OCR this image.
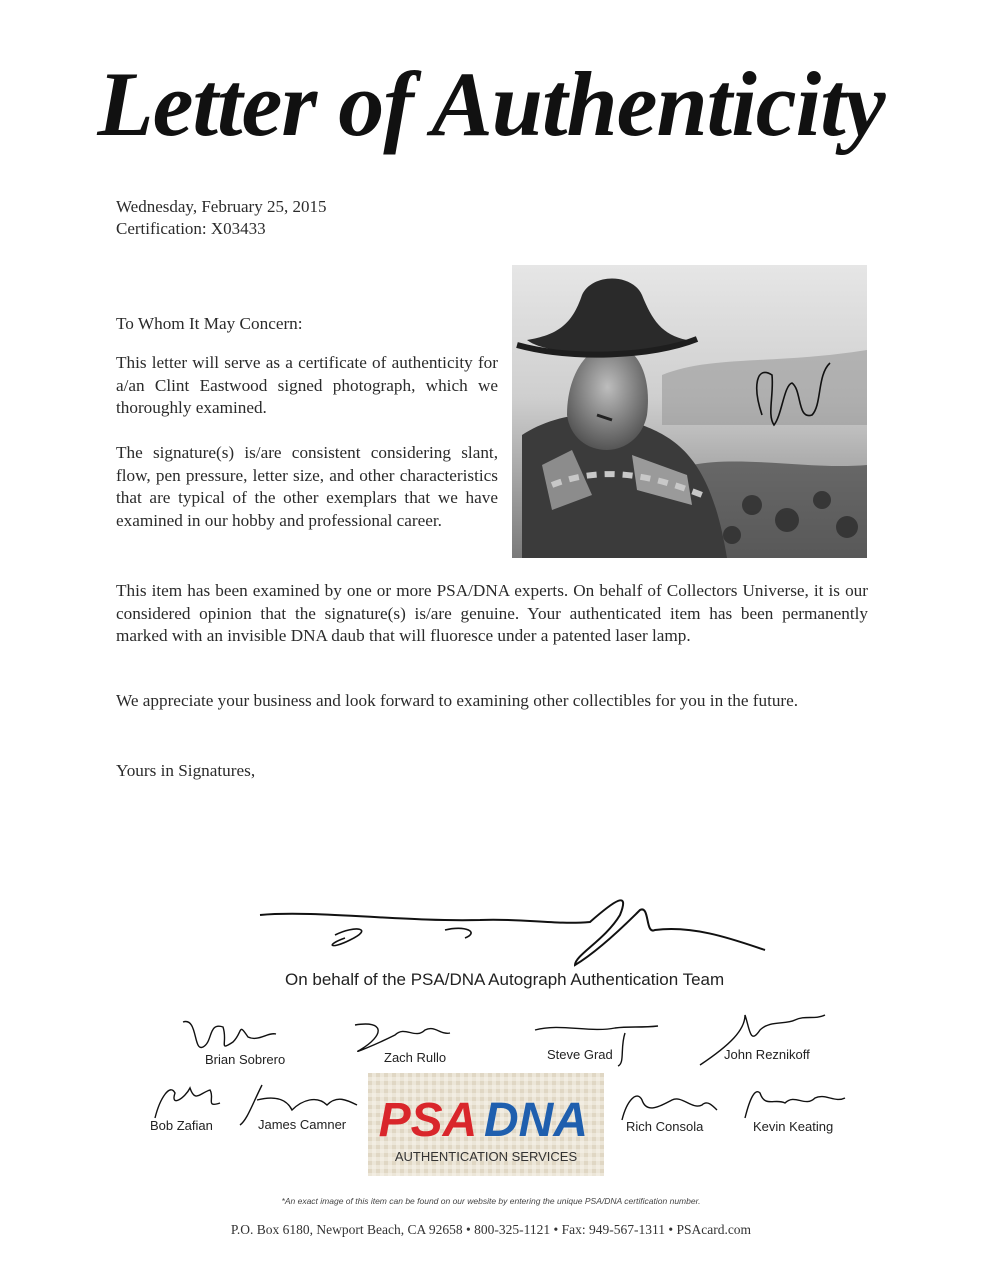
Letter of Authenticity
Wednesday, February 25, 2015
Certification: X03433
To Whom It May Concern:

This letter will serve as a certificate of authenticity for a/an Clint Eastwood signed photograph, which we thoroughly examined.

The signature(s) is/are consistent considering slant, flow, pen pressure, letter size, and other characteristics that are typical of the other exemplars that we have examined in our hobby and professional career.

This item has been examined by one or more PSA/DNA experts. On behalf of Collectors Universe, it is our considered opinion that the signature(s) is/are genuine. Your authenticated item has been permanently marked with an invisible DNA daub that will fluoresce under a patented laser lamp.

We appreciate your business and look forward to examining other collectibles for you in the future.

Yours in Signatures,
On behalf of the PSA/DNA Autograph Authentication Team
Brian Sobrero	Zach Rullo	Steve Grad	John Reznikoff
Bob Zafian	James Camner	Rich Consola	Kevin Keating
PSA DNA
AUTHENTICATION SERVICES
*An exact image of this item can be found on our website by entering the unique PSA/DNA certification number.
P.O. Box 6180, Newport Beach, CA 92658 • 800-325-1121 • Fax: 949-567-1311 • PSAcard.com
